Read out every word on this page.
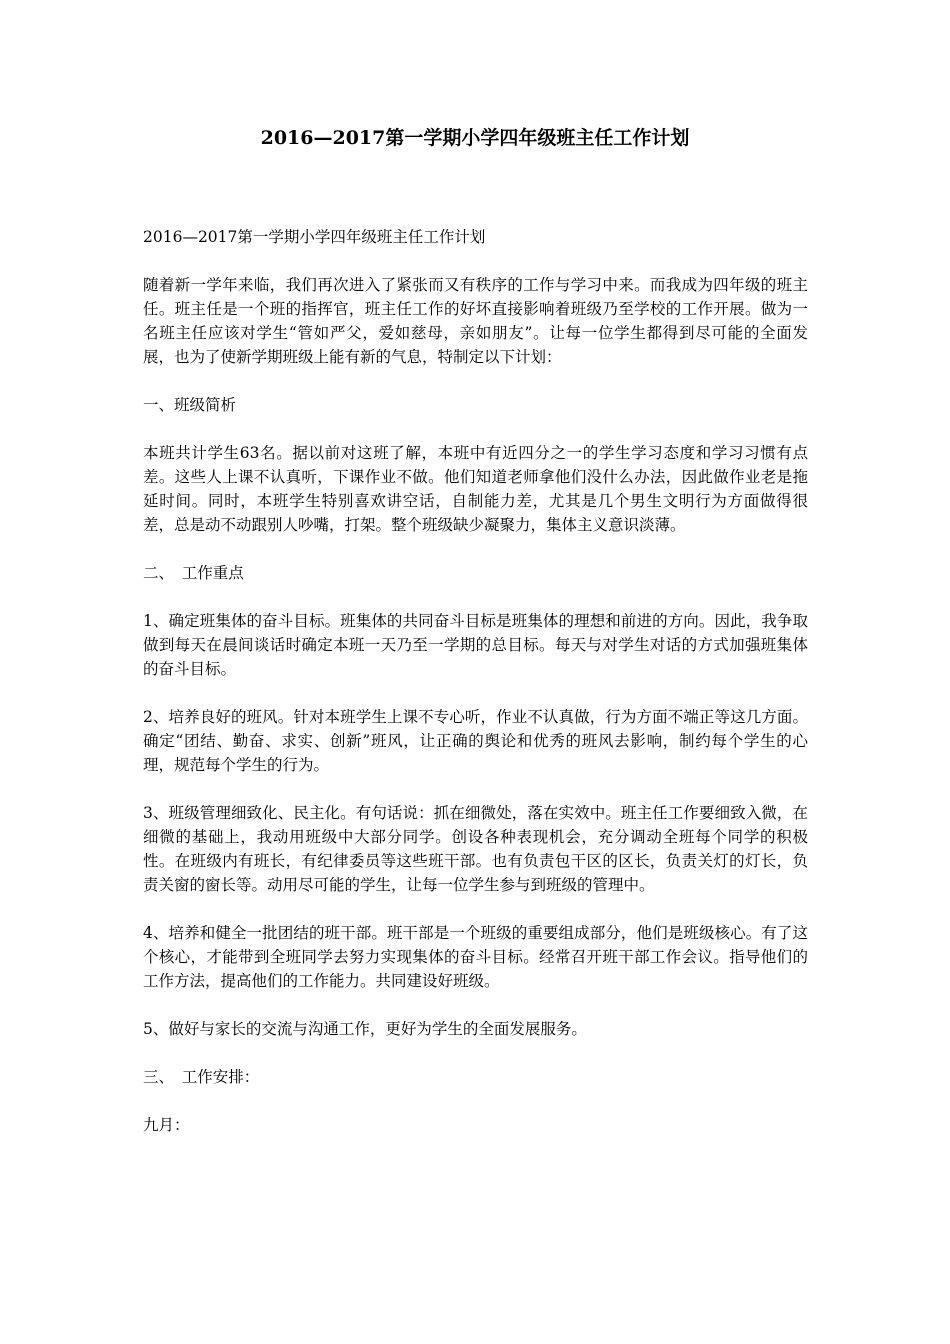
2016—2017第一学期小学四年级班主任工作计划

2016—2017第一学期小学四年级班主任工作计划

随着新一学年来临，我们再次进入了紧张而又有秩序的工作与学习中来。而我成为四年级的班主任。班主任是一个班的指挥官，班主任工作的好坏直接影响着班级乃至学校的工作开展。做为一名班主任应该对学生“管如严父，爱如慈母，亲如朋友”。让每一位学生都得到尽可能的全面发展，也为了使新学期班级上能有新的气息，特制定以下计划：

一、班级简析

本班共计学生63名。据以前对这班了解，本班中有近四分之一的学生学习态度和学习习惯有点差。这些人上课不认真听，下课作业不做。他们知道老师拿他们没什么办法，因此做作业老是拖延时间。同时，本班学生特别喜欢讲空话，自制能力差，尤其是几个男生文明行为方面做得很差，总是动不动跟别人吵嘴，打架。整个班级缺少凝聚力，集体主义意识淡薄。

二、　工作重点

1、确定班集体的奋斗目标。班集体的共同奋斗目标是班集体的理想和前进的方向。因此，我争取做到每天在晨间谈话时确定本班一天乃至一学期的总目标。每天与对学生对话的方式加强班集体的奋斗目标。

2、培养良好的班风。针对本班学生上课不专心听，作业不认真做，行为方面不端正等这几方面。确定“团结、勤奋、求实、创新”班风，让正确的舆论和优秀的班风去影响，制约每个学生的心理，规范每个学生的行为。

3、班级管理细致化、民主化。有句话说：抓在细微处，落在实效中。班主任工作要细致入微，在细微的基础上，我动用班级中大部分同学。创设各种表现机会，充分调动全班每个同学的积极性。在班级内有班长，有纪律委员等这些班干部。也有负责包干区的区长，负责关灯的灯长，负责关窗的窗长等。动用尽可能的学生，让每一位学生参与到班级的管理中。

4、培养和健全一批团结的班干部。班干部是一个班级的重要组成部分，他们是班级核心。有了这个核心，才能带到全班同学去努力实现集体的奋斗目标。经常召开班干部工作会议。指导他们的工作方法，提高他们的工作能力。共同建设好班级。

5、做好与家长的交流与沟通工作，更好为学生的全面发展服务。

三、　工作安排：

九月：
